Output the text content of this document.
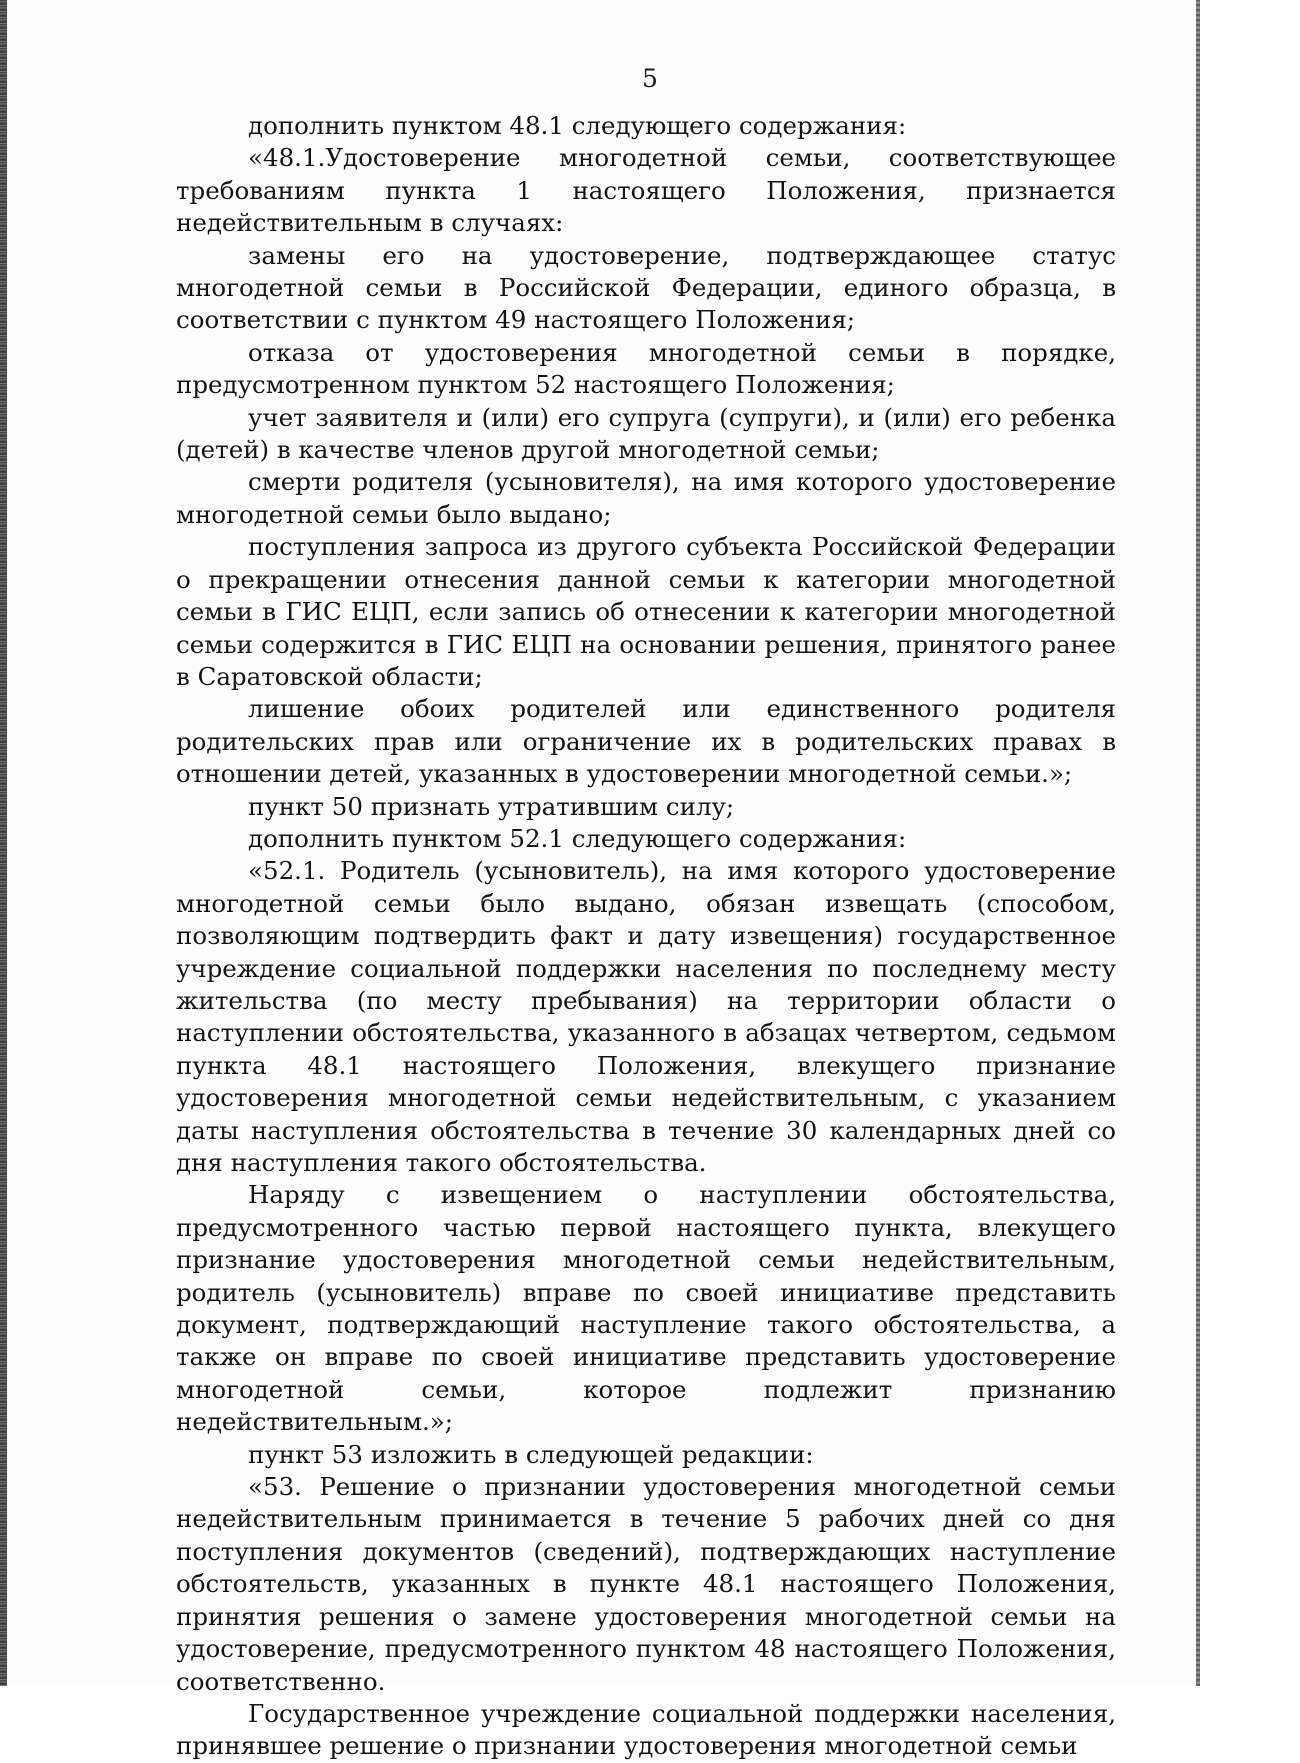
5

дополнить пунктом 48.1 следующего содержания:

«48.1.Удостоверение многодетной семьи, соответствующее требованиям пункта 1 настоящего Положения, признается недействительным в случаях:

замены его на удостоверение, подтверждающее статус многодетной семьи в Российской Федерации, единого образца, в соответствии с пунктом 49 настоящего Положения;

отказа от удостоверения многодетной семьи в порядке, предусмотренном пунктом 52 настоящего Положения;

учет заявителя и (или) его супруга (супруги), и (или) его ребенка (детей) в качестве членов другой многодетной семьи;

смерти родителя (усыновителя), на имя которого удостоверение многодетной семьи было выдано;

поступления запроса из другого субъекта Российской Федерации о прекращении отнесения данной семьи к категории многодетной семьи в ГИС ЕЦП, если запись об отнесении к категории многодетной семьи содержится в ГИС ЕЦП на основании решения, принятого ранее в Саратовской области;

лишение обоих родителей или единственного родителя родительских прав или ограничение их в родительских правах в отношении детей, указанных в удостоверении многодетной семьи.»;

пункт 50 признать утратившим силу;

дополнить пунктом 52.1 следующего содержания:

«52.1. Родитель (усыновитель), на имя которого удостоверение многодетной семьи было выдано, обязан извещать (способом, позволяющим подтвердить факт и дату извещения) государственное учреждение социальной поддержки населения по последнему месту жительства (по месту пребывания) на территории области о наступлении обстоятельства, указанного в абзацах четвертом, седьмом пункта 48.1 настоящего Положения, влекущего признание удостоверения многодетной семьи недействительным, с указанием даты наступления обстоятельства в течение 30 календарных дней со дня наступления такого обстоятельства.

Наряду с извещением о наступлении обстоятельства, предусмотренного частью первой настоящего пункта, влекущего признание удостоверения многодетной семьи недействительным, родитель (усыновитель) вправе по своей инициативе представить документ, подтверждающий наступление такого обстоятельства, а также он вправе по своей инициативе представить удостоверение многодетной семьи, которое подлежит признанию недействительным.»;

пункт 53 изложить в следующей редакции:

«53. Решение о признании удостоверения многодетной семьи недействительным принимается в течение 5 рабочих дней со дня поступления документов (сведений), подтверждающих наступление обстоятельств, указанных в пункте 48.1 настоящего Положения, принятия решения о замене удостоверения многодетной семьи на удостоверение, предусмотренного пунктом 48 настоящего Положения, соответственно.

Государственное учреждение социальной поддержки населения, принявшее решение о признании удостоверения многодетной семьи
